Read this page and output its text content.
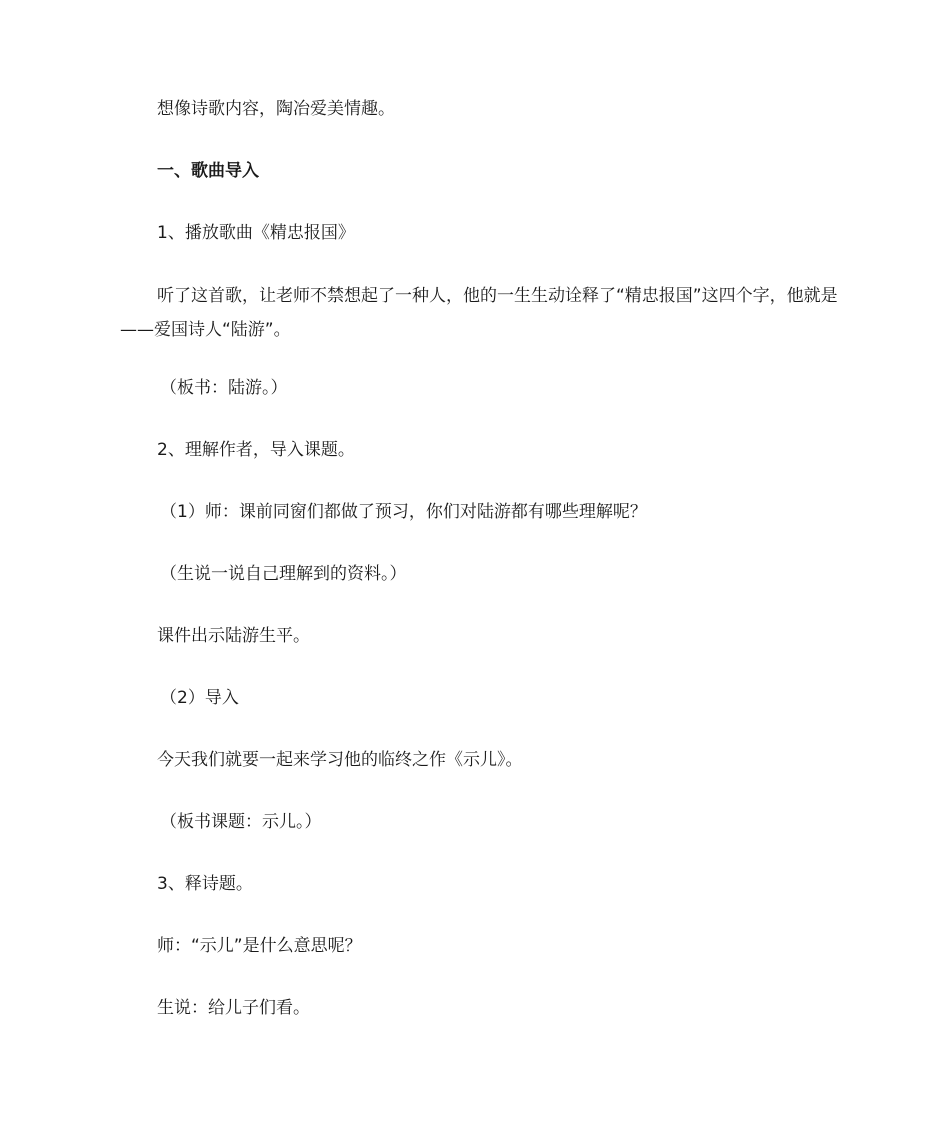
想像诗歌内容，陶冶爱美情趣。

一、歌曲导入

1、播放歌曲《精忠报国》

听了这首歌，让老师不禁想起了一种人，他的一生生动诠释了“精忠报国”这四个字，他就是——爱国诗人“陆游”。

（板书：陆游。）

2、理解作者，导入课题。

（1）师：课前同窗们都做了预习，你们对陆游都有哪些理解呢？

（生说一说自己理解到的资料。）

课件出示陆游生平。

（2）导入

今天我们就要一起来学习他的临终之作《示儿》。

（板书课题：示儿。）

3、释诗题。

师：“示儿”是什么意思呢？

生说：给儿子们看。
